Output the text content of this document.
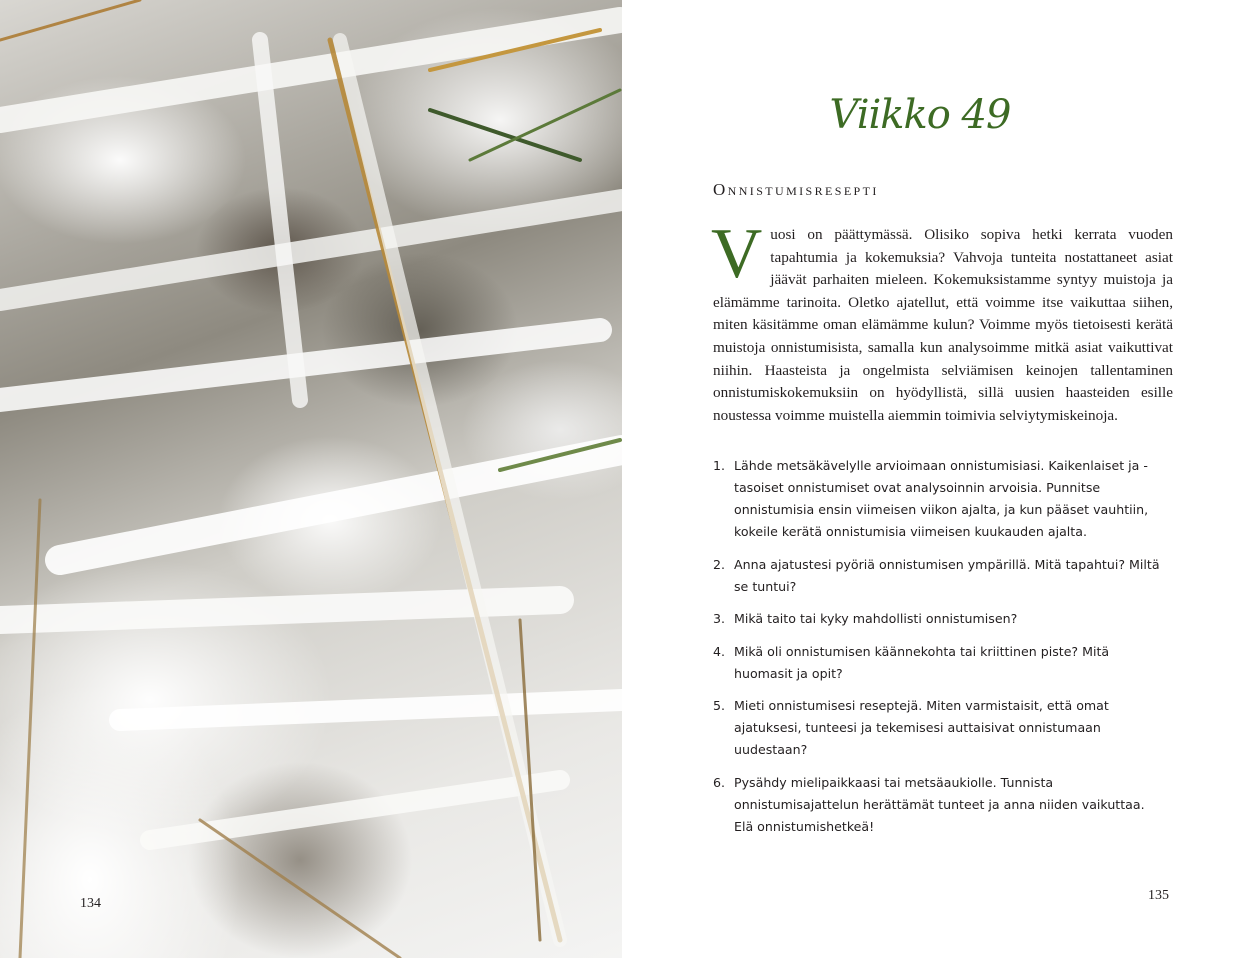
134
Viikko 49
Onnistumisresepti
V uosi on päättymässä. Olisiko sopiva hetki kerrata vuoden tapahtumia ja kokemuksia? Vahvoja tunteita nostattaneet asiat jäävät parhaiten mieleen. Kokemuksistamme syntyy muistoja ja elämämme tarinoita. Oletko ajatellut, että voimme itse vaikuttaa siihen, miten käsitämme oman elämämme kulun? Voimme myös tietoisesti kerätä muistoja onnistumisista, samalla kun analysoimme mitkä asiat vaikuttivat niihin. Haasteista ja ongelmista selviämisen keinojen tallentaminen onnistumiskokemuksiin on hyödyllistä, sillä uusien haasteiden esille noustessa voimme muistella aiemmin toimivia selviytymiskeinoja.
1. Lähde metsäkävelylle arvioimaan onnistumisiasi. Kaikenlaiset ja -tasoiset onnistumiset ovat analysoinnin arvoisia. Punnitse onnistumisia ensin viimeisen viikon ajalta, ja kun pääset vauhtiin, kokeile kerätä onnistumisia viimeisen kuukauden ajalta.
2. Anna ajatustesi pyöriä onnistumisen ympärillä. Mitä tapahtui? Miltä se tuntui?
3. Mikä taito tai kyky mahdollisti onnistumisen?
4. Mikä oli onnistumisen käännekohta tai kriittinen piste? Mitä huomasit ja opit?
5. Mieti onnistumisesi reseptejä. Miten varmistaisit, että omat ajatuksesi, tunteesi ja tekemisesi auttaisivat onnistumaan uudestaan?
6. Pysähdy mielipaikkaasi tai metsäaukiolle. Tunnista onnistumisajattelun herättämät tunteet ja anna niiden vaikuttaa. Elä onnistumishetkeä!
135
